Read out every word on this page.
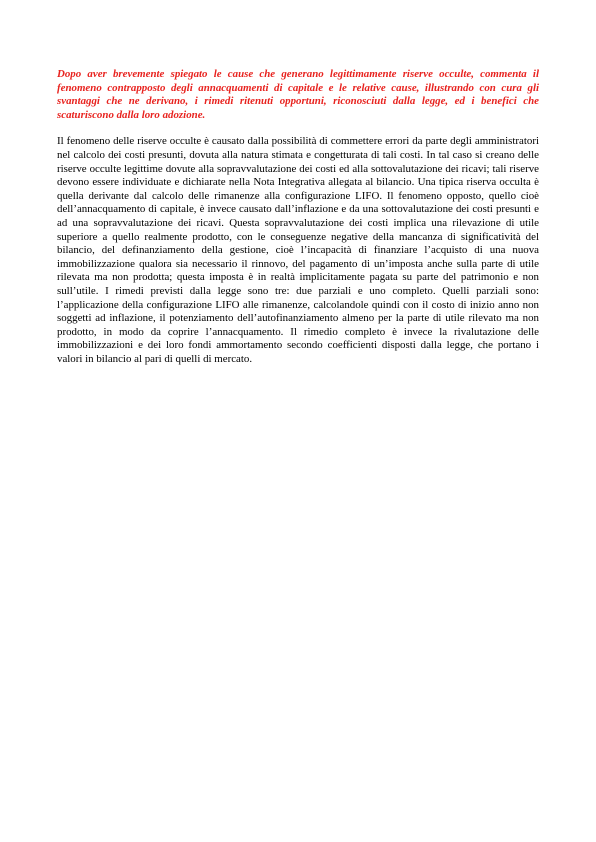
Dopo aver brevemente spiegato le cause che generano legittimamente riserve occulte, commenta il fenomeno contrapposto degli annacquamenti di capitale e le relative cause, illustrando con cura gli svantaggi che ne derivano, i rimedi ritenuti opportuni, riconosciuti dalla legge, ed i benefici che scaturiscono dalla loro adozione.

Il fenomeno delle riserve occulte è causato dalla possibilità di commettere errori da parte degli amministratori nel calcolo dei costi presunti, dovuta alla natura stimata e congetturata di tali costi. In tal caso si creano delle riserve occulte legittime dovute alla sopravvalutazione dei costi ed alla sottovalutazione dei ricavi; tali riserve devono essere individuate e dichiarate nella Nota Integrativa allegata al bilancio. Una tipica riserva occulta è quella derivante dal calcolo delle rimanenze alla configurazione LIFO. Il fenomeno opposto, quello cioè dell’annacquamento di capitale, è invece causato dall’inflazione e da una sottovalutazione dei costi presunti e ad una sopravvalutazione dei ricavi. Questa sopravvalutazione dei costi implica una rilevazione di utile superiore a quello realmente prodotto, con le conseguenze negative della mancanza di significatività del bilancio, del definanziamento della gestione, cioè l’incapacità di finanziare l’acquisto di una nuova immobilizzazione qualora sia necessario il rinnovo, del pagamento di un’imposta anche sulla parte di utile rilevata ma non prodotta; questa imposta è in realtà implicitamente pagata su parte del patrimonio e non sull’utile. I rimedi previsti dalla legge sono tre: due parziali e uno completo. Quelli parziali sono: l’applicazione della configurazione LIFO alle rimanenze, calcolandole quindi con il costo di inizio anno non soggetti ad inflazione, il potenziamento dell’autofinanziamento almeno per la parte di utile rilevato ma non prodotto, in modo da coprire l’annacquamento. Il rimedio completo è invece la rivalutazione delle immobilizzazioni e dei loro fondi ammortamento secondo coefficienti disposti dalla legge, che portano i valori in bilancio al pari di quelli di mercato.
